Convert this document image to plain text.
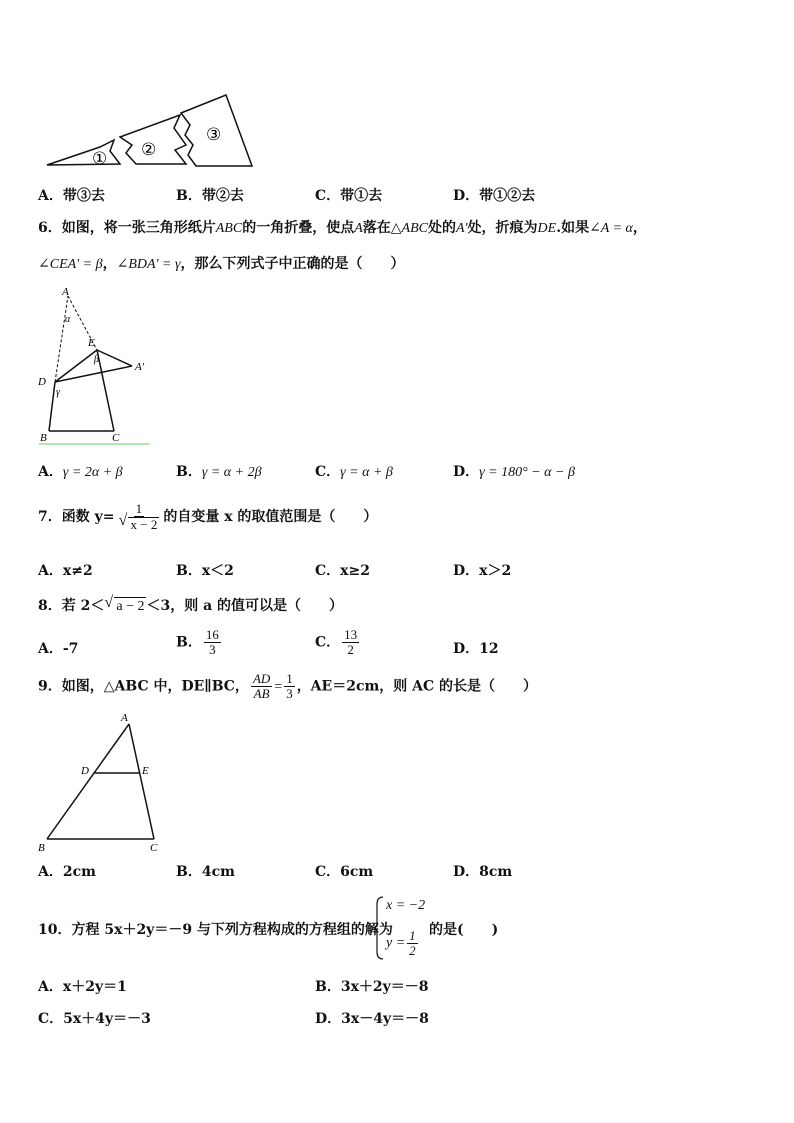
① ②
③
A．带③去	B．带②去	C．带①去	D．带①②去
6．如图，将一张三角形纸片ABC的一角折叠，使点A落在△ABC处的A'处，折痕为DE.如果∠A = α，
∠CEA' = β，∠BDA' = γ，那么下列式子中正确的是（　　）
A
α
E
β
A'
D
γ
B	C
A．γ = 2α + β	B．γ = α + 2β	C．γ = α + β	D．γ = 180° − α − β
7．函数 y= 1
√ x − 2 的自变量 x 的取值范围是（　　）
A．x≠2	B．x＜2	C．x≥2	D．x＞2
8．若 2＜√ a − 2 ＜3，则 a 的值可以是（　　）
A．-7	B． $\frac{16}{3}$	C． $\frac{13}{2}$	D．12
9．如图，△ABC 中，DE∥BC， $\frac{AD}{AB} = \frac{1}{3}$ ，AE＝2cm，则 AC 的长是（　　）
A
D	E
B	C
A．2cm	B．4cm	C．6cm	D．8cm
10．方程 5x＋2y＝－9 与下列方程构成的方程组的解为
x = −2
$y = \frac{1}{2}$ 的是(　　)
A．x＋2y＝1	B．3x＋2y＝－8
C．5x＋4y＝－3	D．3x－4y＝－8
